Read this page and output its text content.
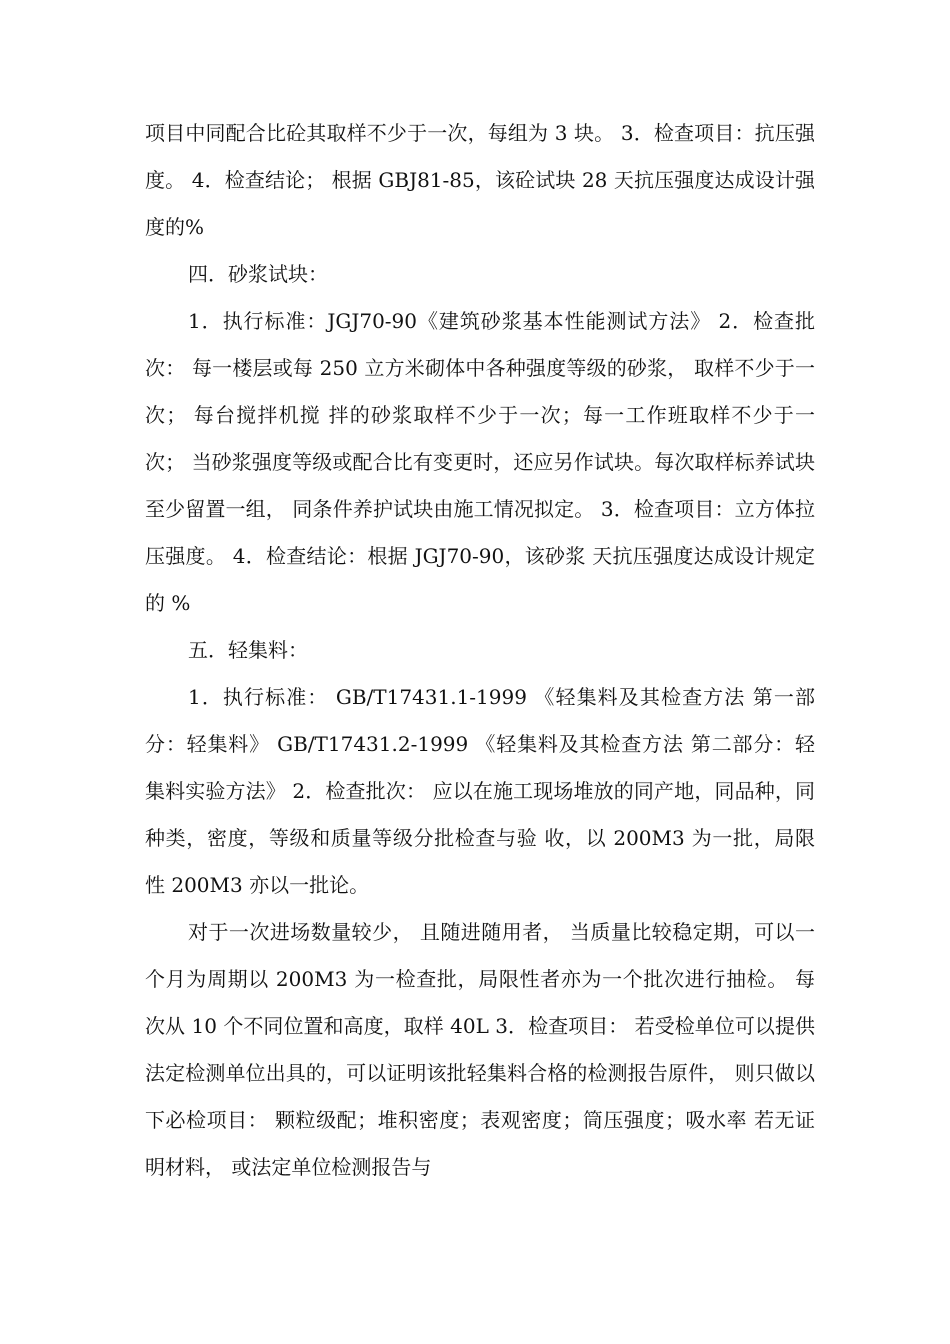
项目中同配合比砼其取样不少于一次，每组为 3 块。 3．检查项目：抗压强度。 4．检查结论； 根据 GBJ81-85，该砼试块 28 天抗压强度达成设计强度的%

四．砂浆试块：

1．执行标准：JGJ70-90《建筑砂浆基本性能测试方法》 2．检查批次： 每一楼层或每 250 立方米砌体中各种强度等级的砂浆， 取样不少于一次； 每台搅拌机搅 拌的砂浆取样不少于一次；每一工作班取样不少于一次； 当砂浆强度等级或配合比有变更时，还应另作试块。每次取样标养试块至少留置一组， 同条件养护试块由施工情况拟定。 3．检查项目：立方体拉压强度。 4．检查结论：根据 JGJ70-90，该砂浆 天抗压强度达成设计规定的 %

五．轻集料：

1．执行标准： GB/T17431.1-1999 《轻集料及其检查方法 第一部分：轻集料》 GB/T17431.2-1999 《轻集料及其检查方法 第二部分：轻集料实验方法》 2．检查批次： 应以在施工现场堆放的同产地，同品种，同种类，密度，等级和质量等级分批检查与验 收，以 200M3 为一批，局限性 200M3 亦以一批论。

对于一次进场数量较少， 且随进随用者， 当质量比较稳定期，可以一个月为周期以 200M3 为一检查批，局限性者亦为一个批次进行抽检。 每次从 10 个不同位置和高度，取样 40L 3．检查项目： 若受检单位可以提供法定检测单位出具的，可以证明该批轻集料合格的检测报告原件， 则只做以下必检项目： 颗粒级配；堆积密度；表观密度；筒压强度；吸水率 若无证明材料， 或法定单位检测报告与
